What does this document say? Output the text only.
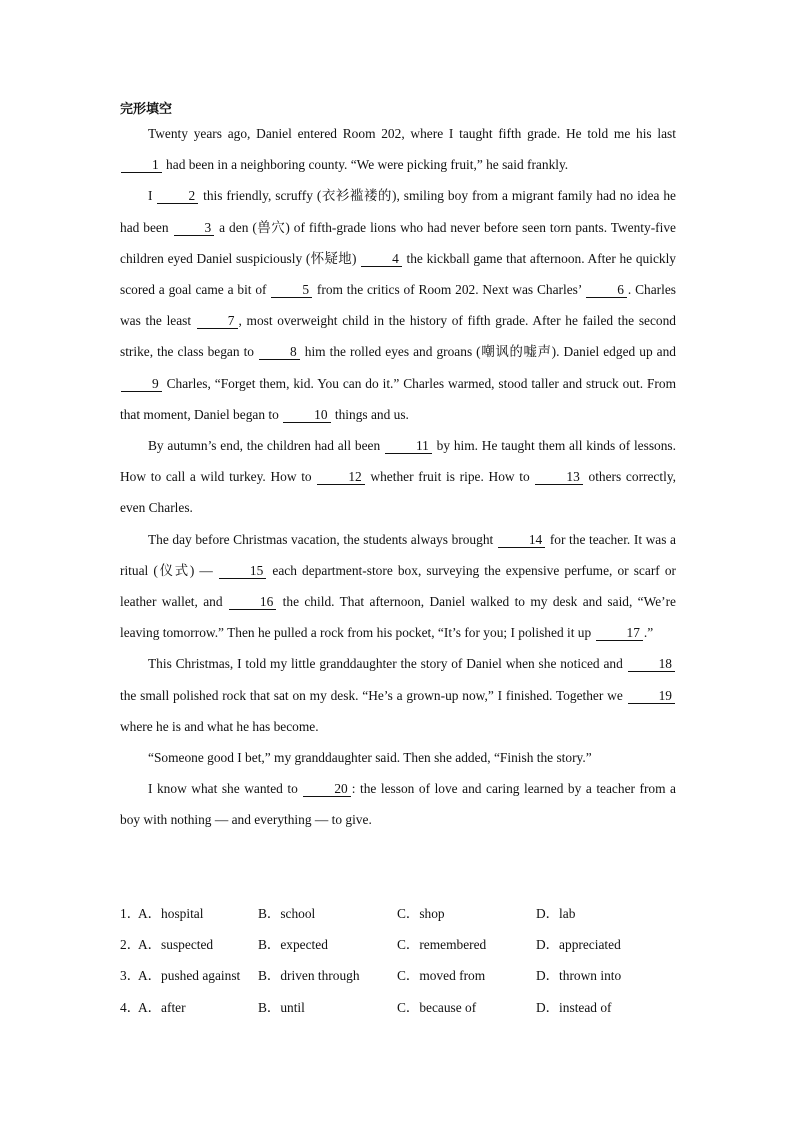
完形填空

Twenty years ago, Daniel entered Room 202, where I taught fifth grade. He told me his last 1 had been in a neighboring county. “We were picking fruit,” he said frankly.

I 2 this friendly, scruffy (衣衫褴褛的), smiling boy from a migrant family had no idea he had been 3 a den (兽穴) of fifth-grade lions who had never before seen torn pants. Twenty-five children eyed Daniel suspiciously (怀疑地) 4 the kickball game that afternoon. After he quickly scored a goal came a bit of 5 from the critics of Room 202. Next was Charles’ 6 . Charles was the least 7 , most overweight child in the history of fifth grade. After he failed the second strike, the class began to 8 him the rolled eyes and groans (嘲讽的嘘声). Daniel edged up and 9 Charles, “Forget them, kid. You can do it.” Charles warmed, stood taller and struck out. From that moment, Daniel began to 10 things and us.

By autumn’s end, the children had all been 11 by him. He taught them all kinds of lessons. How to call a wild turkey. How to 12 whether fruit is ripe. How to 13 others correctly, even Charles.

The day before Christmas vacation, the students always brought 14 for the teacher. It was a ritual (仪式) — 15 each department-store box, surveying the expensive perfume, or scarf or leather wallet, and 16 the child. That afternoon, Daniel walked to my desk and said, “We’re leaving tomorrow.” Then he pulled a rock from his pocket, “It’s for you; I polished it up 17 .”

This Christmas, I told my little granddaughter the story of Daniel when she noticed and 18 the small polished rock that sat on my desk. “He’s a grown-up now,” I finished. Together we 19 where he is and what he has become.

“Someone good I bet,” my granddaughter said. Then she added, “Finish the story.”

I know what she wanted to 20 : the lesson of love and caring learned by a teacher from a boy with nothing — and everything — to give.

1．
A．hospital	B．school	C．shop	D．lab
2．
A．suspected	B．expected	C．remembered	D．appreciated
3．
A．pushed against	B．driven through	C．moved from	D．thrown into
4．
A．after	B．until	C．because of	D．instead of
